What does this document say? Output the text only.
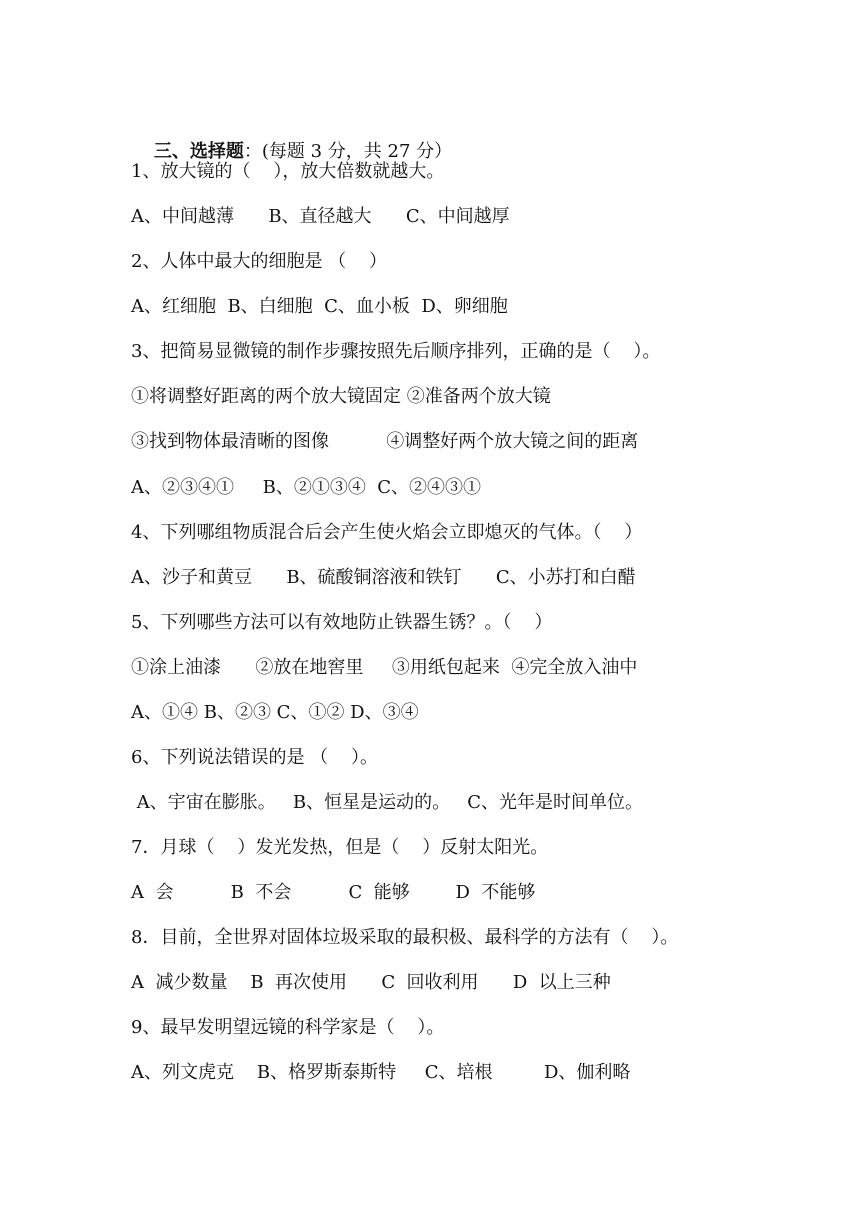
三、选择题：(每题 3 分，共 27 分）

1、放大镜的（    ），放大倍数就越大。
A、中间越薄      B、直径越大      C、中间越厚
2、人体中最大的细胞是 （    ）
A、红细胞  B、白细胞  C、血小板  D、卵细胞
3、把简易显微镜的制作步骤按照先后顺序排列，正确的是（    ）。
①将调整好距离的两个放大镜固定 ②准备两个放大镜
③找到物体最清晰的图像          ④调整好两个放大镜之间的距离
A、②③④①     B、②①③④  C、②④③①
4、下列哪组物质混合后会产生使火焰会立即熄灭的气体。（    ）
A、沙子和黄豆      B、硫酸铜溶液和铁钉      C、小苏打和白醋
5、下列哪些方法可以有效地防止铁器生锈？。（    ）
①涂上油漆      ②放在地窖里     ③用纸包起来  ④完全放入油中
A、①④ B、②③ C、①② D、③④
6、下列说法错误的是 （    ）。
A、宇宙在膨胀。   B、恒星是运动的。   C、光年是时间单位。
7．月球（    ）发光发热，但是（    ）反射太阳光。
A  会          B  不会          C  能够        D  不能够
8．目前，全世界对固体垃圾采取的最积极、最科学的方法有（    ）。
A  减少数量    B  再次使用      C  回收利用      D  以上三种
9、最早发明望远镜的科学家是（    ）。
A、列文虎克    B、格罗斯泰斯特     C、培根         D、伽利略
